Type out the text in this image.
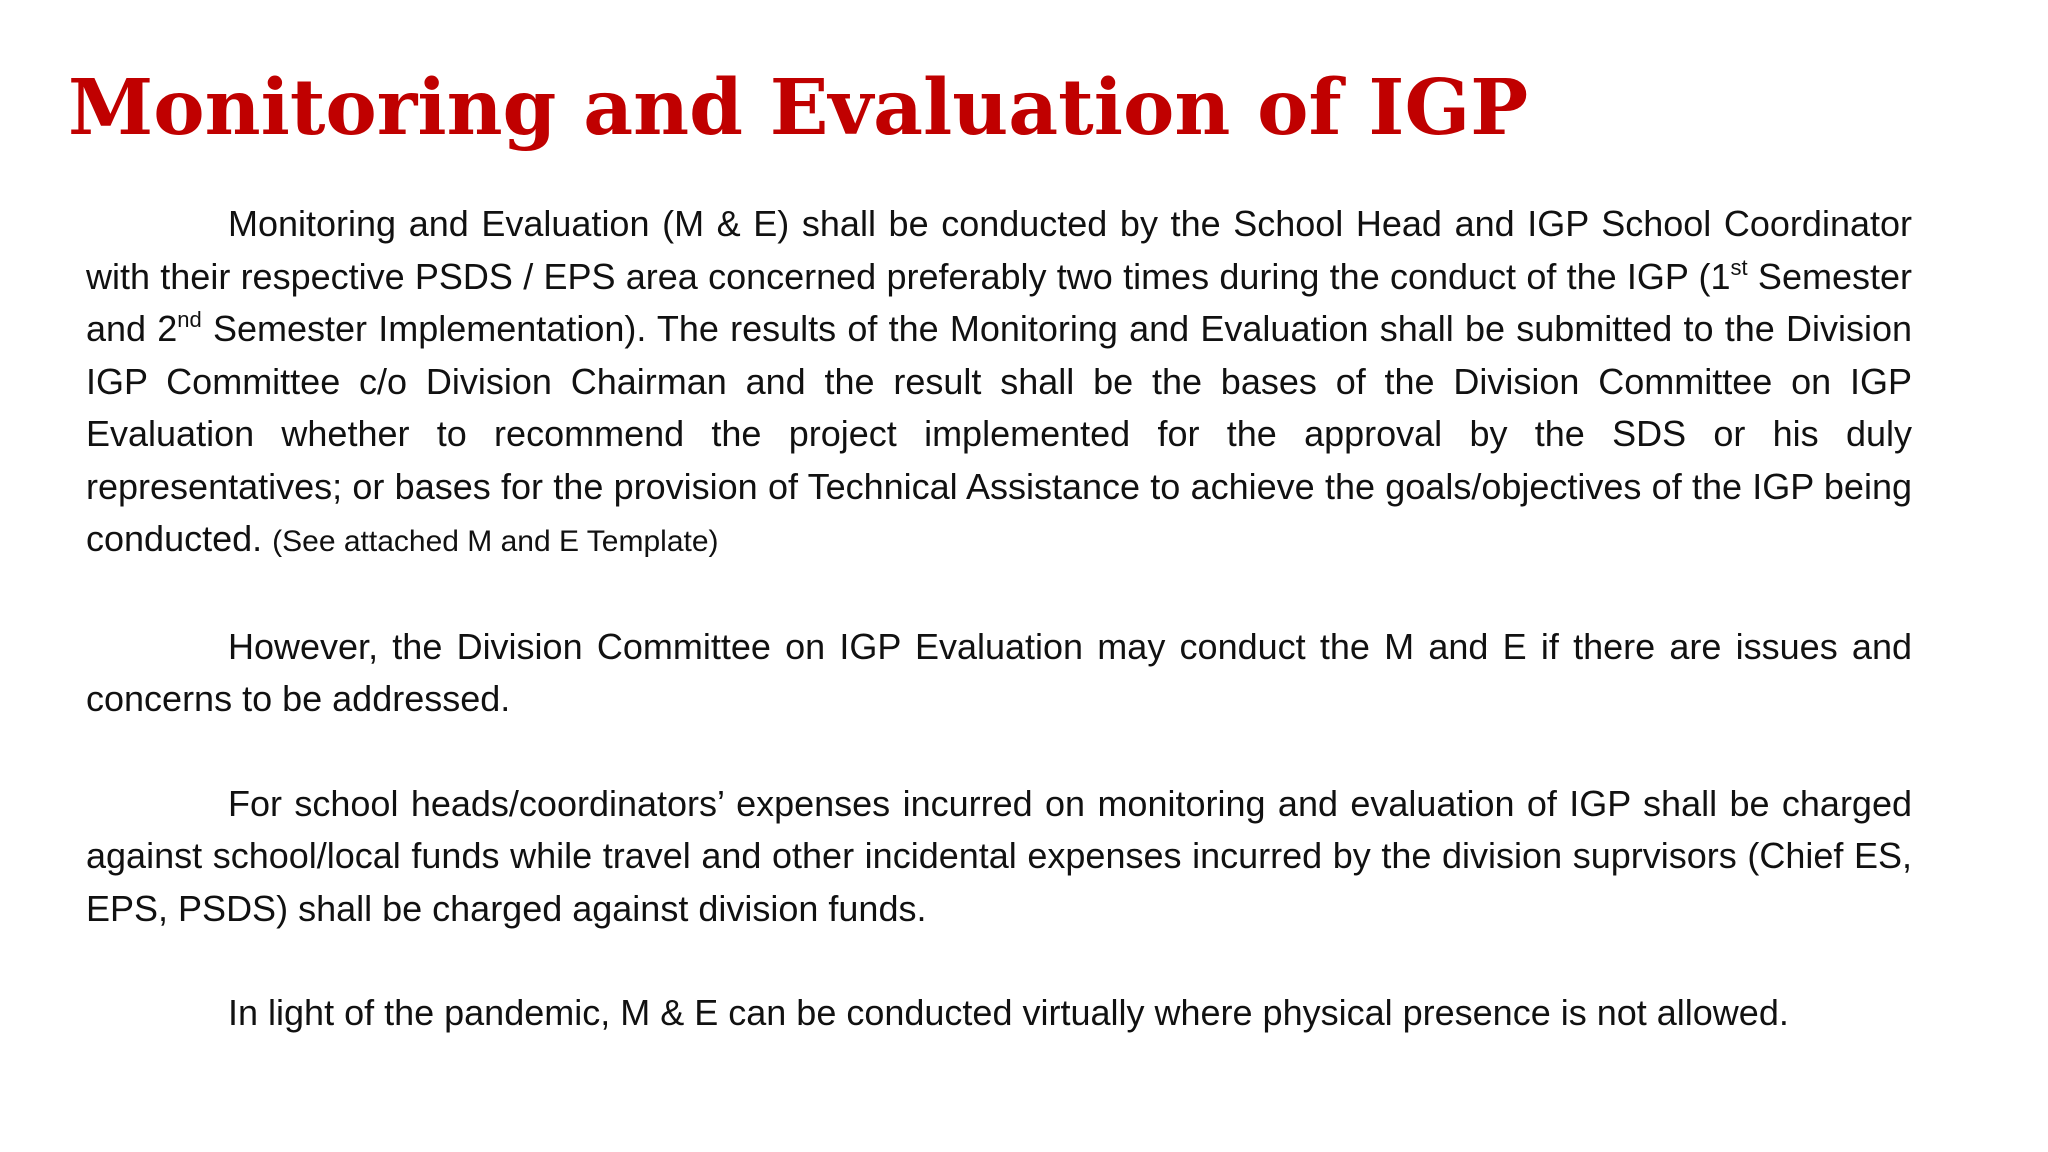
Monitoring and Evaluation of IGP

Monitoring and Evaluation (M & E) shall be conducted by the School Head and IGP School Coordinator with their respective PSDS / EPS area concerned preferably two times during the conduct of the IGP (1st Semester and 2nd Semester Implementation). The results of the Monitoring and Evaluation shall be submitted to the Division IGP Committee c/o Division Chairman and the result shall be the bases of the Division Committee on IGP Evaluation whether to recommend the project implemented for the approval by the SDS or his duly representatives; or bases for the provision of Technical Assistance to achieve the goals/objectives of the IGP being conducted. (See attached M and E Template)

However, the Division Committee on IGP Evaluation may conduct the M and E if there are issues and concerns to be addressed.

For school heads/coordinators’ expenses incurred on monitoring and evaluation of IGP shall be charged against school/local funds while travel and other incidental expenses incurred by the division suprvisors (Chief ES, EPS, PSDS) shall be charged against division funds.

In light of the pandemic, M & E can be conducted virtually where physical presence is not allowed.
